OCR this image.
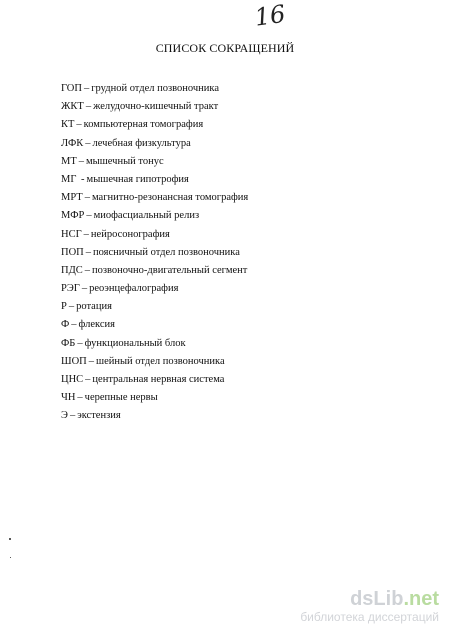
16
СПИСОК СОКРАЩЕНИЙ
ГОП – грудной отдел позвоночника
ЖКТ – желудочно-кишечный тракт
КТ – компьютерная томография
ЛФК – лечебная физкультура
МТ – мышечный тонус
МГ - мышечная гипотрофия
МРТ – магнитно-резонансная томография
МФР – миофасциальный релиз
НСГ – нейросонография
ПОП – поясничный отдел позвоночника
ПДС – позвоночно-двигательный сегмент
РЭГ – реоэнцефалография
Р – ротация
Ф – флексия
ФБ – функциональный блок
ШОП – шейный отдел позвоночника
ЦНС – центральная нервная система
ЧН – черепные нервы
Э – экстензия
dsLib.net
библиотека диссертаций
